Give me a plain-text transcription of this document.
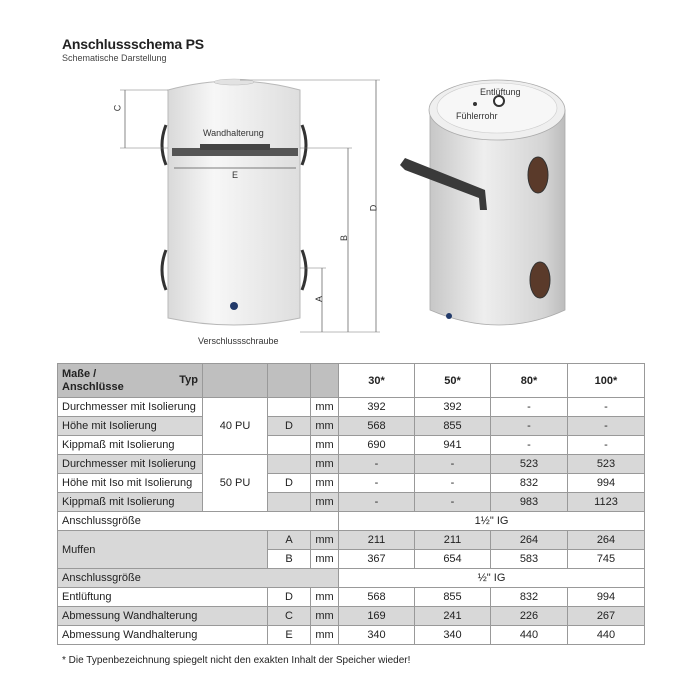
Anschlussschema PS
Schematische Darstellung
Wandhalterung
Verschlussschraube
C
E
A
B
D
Entlüftung
Fühlerrohr
Maße /
Anschlüsse
Typ				30*	50*	80*	100*
Durchmesser mit Isolierung	40 PU		mm	392	392	-	-
Höhe mit Isolierung		D	mm	568	855	-	-
Kippmaß mit Isolierung			mm	690	941	-	-
Durchmesser mit Isolierung	50 PU		mm	-	-	523	523
Höhe mit Iso mit Isolierung		D	mm	-	-	832	994
Kippmaß mit Isolierung			mm	-	-	983	1123
Anschlussgröße				1½" IG			
Muffen		A	mm	211	211	264	264
		B	mm	367	654	583	745
Anschlussgröße				½" IG			
Entlüftung		D	mm	568	855	832	994
Abmessung Wandhalterung		C	mm	169	241	226	267
Abmessung Wandhalterung		E	mm	340	340	440	440
* Die Typenbezeichnung spiegelt nicht den exakten Inhalt der Speicher wieder!
